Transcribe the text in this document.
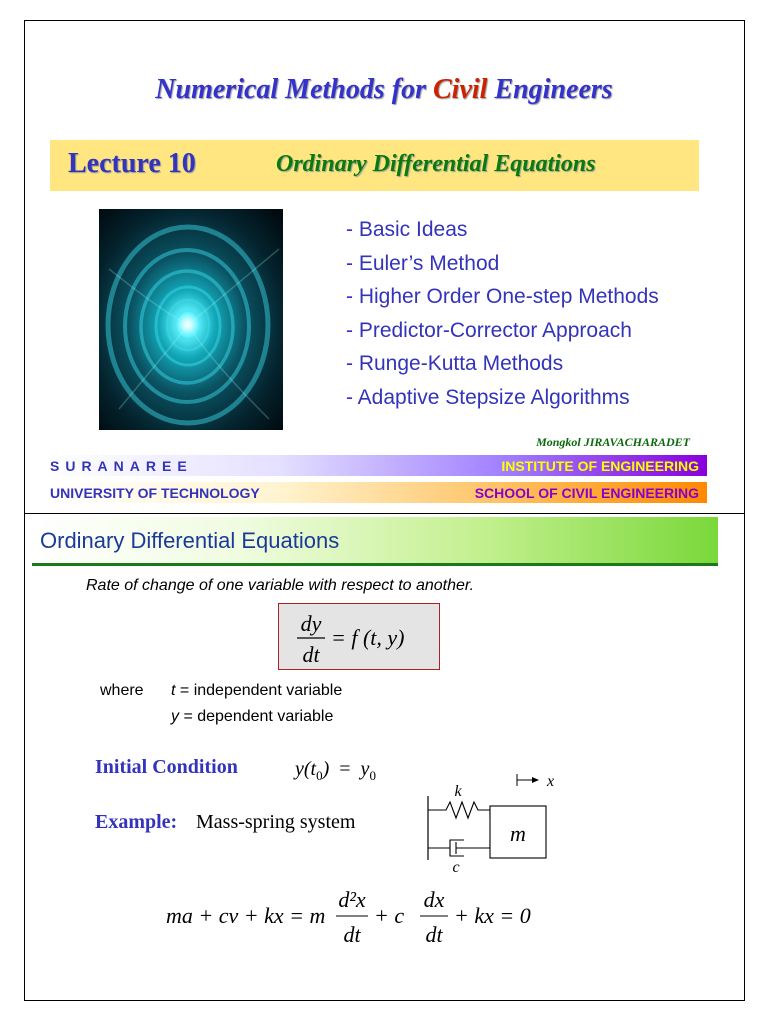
Numerical Methods for Civil Engineers
Lecture 10	Ordinary Differential Equations
- Basic Ideas
- Euler’s Method
- Higher Order One-step Methods
- Predictor-Corrector Approach
- Runge-Kutta Methods
- Adaptive Stepsize Algorithms
Mongkol JIRAVACHARADET
SURANAREE	INSTITUTE OF ENGINEERING
UNIVERSITY OF TECHNOLOGY	SCHOOL OF CIVIL ENGINEERING
Ordinary Differential Equations
Rate of change of one variable with respect to another.
dy
dt
= f (t, y)
where t = independent variable
y = dependent variable
Initial Condition	$y(t_0) = y_0$
Example: Mass-spring system	m
k
c
x
ma + cv + kx = m
d²x
dt
+ c
dx
dt
+ kx = 0
